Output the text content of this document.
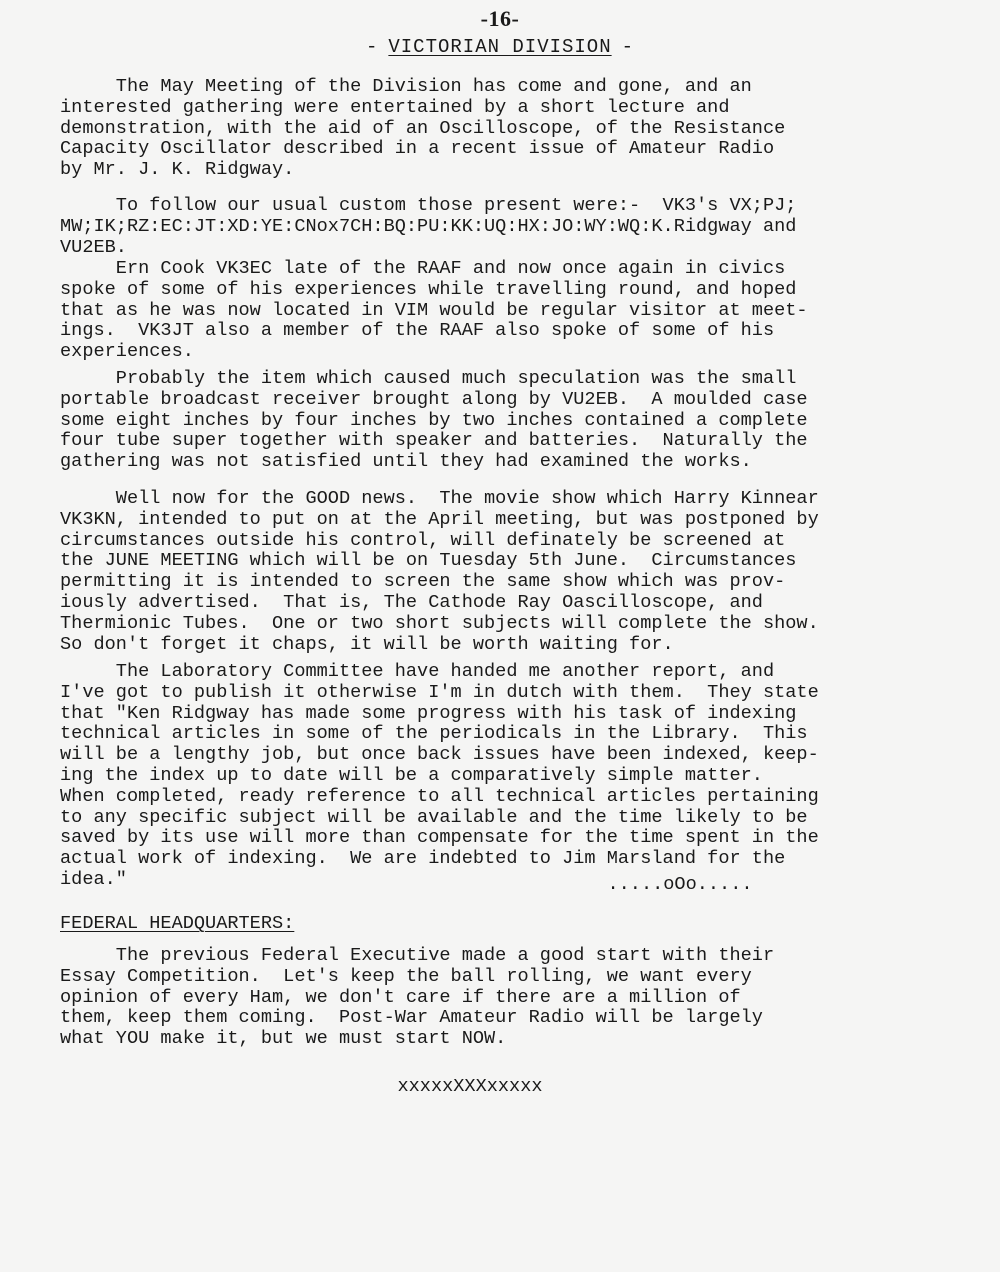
-16-
- VICTORIAN DIVISION -
The May Meeting of the Division has come and gone, and an
interested gathering were entertained by a short lecture and
demonstration, with the aid of an Oscilloscope, of the Resistance
Capacity Oscillator described in a recent issue of Amateur Radio
by Mr. J. K. Ridgway.
To follow our usual custom those present were:-  VK3's VX;PJ;
MW;IK;RZ:EC:JT:XD:YE:CNox7CH:BQ:PU:KK:UQ:HX:JO:WY:WQ:K.Ridgway and
VU2EB.
Ern Cook VK3EC late of the RAAF and now once again in civics
spoke of some of his experiences while travelling round, and hoped
that as he was now located in VIM would be regular visitor at meet-
ings.  VK3JT also a member of the RAAF also spoke of some of his
experiences.
Probably the item which caused much speculation was the small
portable broadcast receiver brought along by VU2EB.  A moulded case
some eight inches by four inches by two inches contained a complete
four tube super together with speaker and batteries.  Naturally the
gathering was not satisfied until they had examined the works.
Well now for the GOOD news.  The movie show which Harry Kinnear
VK3KN, intended to put on at the April meeting, but was postponed by
circumstances outside his control, will definately be screened at
the JUNE MEETING which will be on Tuesday 5th June.  Circumstances
permitting it is intended to screen the same show which was prov-
iously advertised.  That is, The Cathode Ray Oascilloscope, and
Thermionic Tubes.  One or two short subjects will complete the show.
So don't forget it chaps, it will be worth waiting for.
The Laboratory Committee have handed me another report, and
I've got to publish it otherwise I'm in dutch with them.  They state
that "Ken Ridgway has made some progress with his task of indexing
technical articles in some of the periodicals in the Library.  This
will be a lengthy job, but once back issues have been indexed, keep-
ing the index up to date will be a comparatively simple matter.
When completed, ready reference to all technical articles pertaining
to any specific subject will be available and the time likely to be
saved by its use will more than compensate for the time spent in the
actual work of indexing.  We are indebted to Jim Marsland for the
idea."	.....oOo.....
FEDERAL HEADQUARTERS:
The previous Federal Executive made a good start with their
Essay Competition.  Let's keep the ball rolling, we want every
opinion of every Ham, we don't care if there are a million of
them, keep them coming.  Post-War Amateur Radio will be largely
what YOU make it, but we must start NOW.
xxxxxXXXxxxxx
